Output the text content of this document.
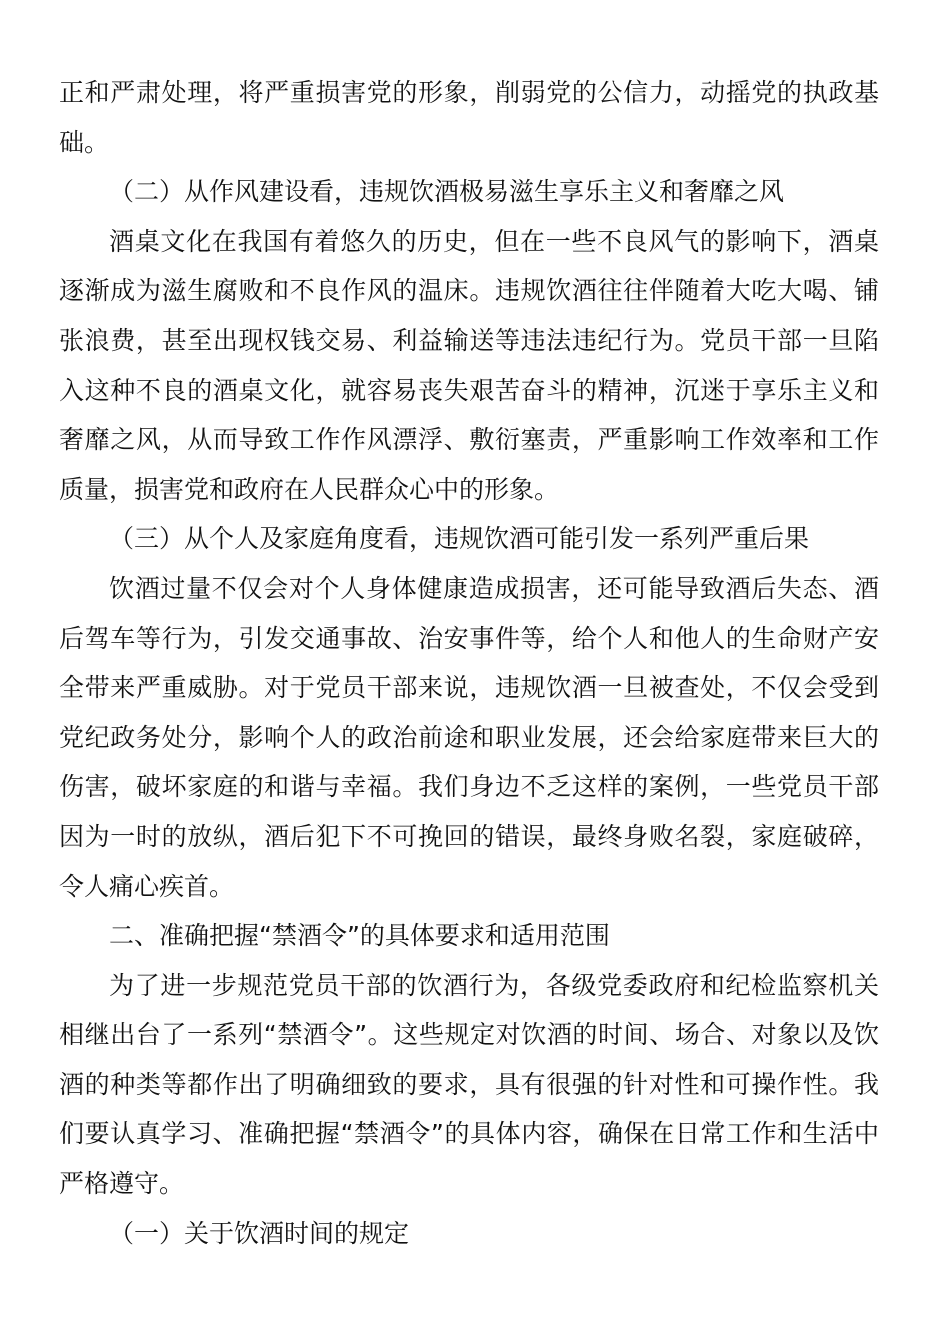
正和严肃处理，将严重损害党的形象，削弱党的公信力，动摇党的执政基础。

（二）从作风建设看，违规饮酒极易滋生享乐主义和奢靡之风

酒桌文化在我国有着悠久的历史，但在一些不良风气的影响下，酒桌逐渐成为滋生腐败和不良作风的温床。违规饮酒往往伴随着大吃大喝、铺张浪费，甚至出现权钱交易、利益输送等违法违纪行为。党员干部一旦陷入这种不良的酒桌文化，就容易丧失艰苦奋斗的精神，沉迷于享乐主义和奢靡之风，从而导致工作作风漂浮、敷衍塞责，严重影响工作效率和工作质量，损害党和政府在人民群众心中的形象。

（三）从个人及家庭角度看，违规饮酒可能引发一系列严重后果

饮酒过量不仅会对个人身体健康造成损害，还可能导致酒后失态、酒后驾车等行为，引发交通事故、治安事件等，给个人和他人的生命财产安全带来严重威胁。对于党员干部来说，违规饮酒一旦被查处，不仅会受到党纪政务处分，影响个人的政治前途和职业发展，还会给家庭带来巨大的伤害，破坏家庭的和谐与幸福。我们身边不乏这样的案例，一些党员干部因为一时的放纵，酒后犯下不可挽回的错误，最终身败名裂，家庭破碎，令人痛心疾首。

二、准确把握“禁酒令”的具体要求和适用范围

为了进一步规范党员干部的饮酒行为，各级党委政府和纪检监察机关相继出台了一系列“禁酒令”。这些规定对饮酒的时间、场合、对象以及饮酒的种类等都作出了明确细致的要求，具有很强的针对性和可操作性。我们要认真学习、准确把握“禁酒令”的具体内容，确保在日常工作和生活中严格遵守。

（一）关于饮酒时间的规定
